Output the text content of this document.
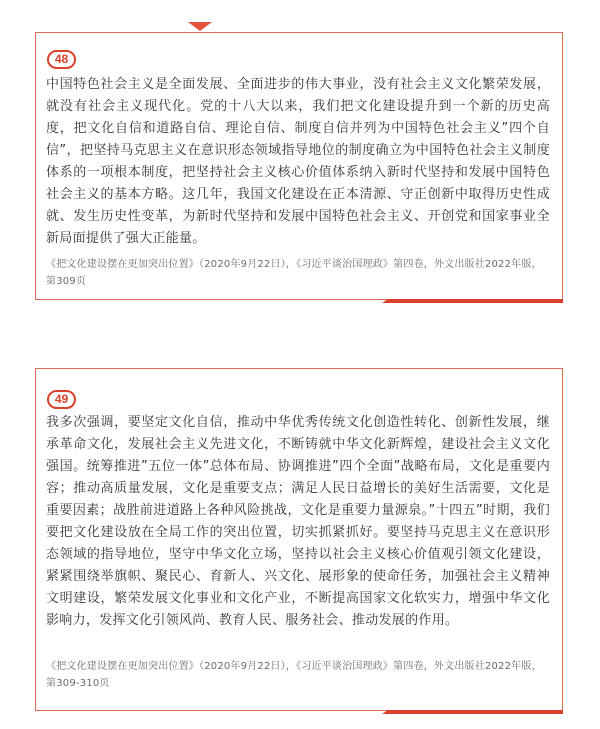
48

中国特色社会主义是全面发展、全面进步的伟大事业，没有社会主义文化繁荣发展，就没有社会主义现代化。党的十八大以来，我们把文化建设提升到一个新的历史高度，把文化自信和道路自信、理论自信、制度自信并列为中国特色社会主义”四个自信”，把坚持马克思主义在意识形态领域指导地位的制度确立为中国特色社会主义制度体系的一项根本制度，把坚持社会主义核心价值体系纳入新时代坚持和发展中国特色社会主义的基本方略。这几年，我国文化建设在正本清源、守正创新中取得历史性成就、发生历史性变革，为新时代坚持和发展中国特色社会主义、开创党和国家事业全新局面提供了强大正能量。

《把文化建设摆在更加突出位置》（2020年9月22日），《习近平谈治国理政》第四卷，外文出版社2022年版，第309页

49

我多次强调，要坚定文化自信，推动中华优秀传统文化创造性转化、创新性发展，继承革命文化，发展社会主义先进文化，不断铸就中华文化新辉煌，建设社会主义文化强国。统筹推进”五位一体”总体布局、协调推进”四个全面”战略布局，文化是重要内容；推动高质量发展，文化是重要支点；满足人民日益增长的美好生活需要，文化是重要因素；战胜前进道路上各种风险挑战，文化是重要力量源泉。”十四五”时期，我们要把文化建设放在全局工作的突出位置，切实抓紧抓好。要坚持马克思主义在意识形态领域的指导地位，坚守中华文化立场，坚持以社会主义核心价值观引领文化建设，紧紧围绕举旗帜、聚民心、育新人、兴文化、展形象的使命任务，加强社会主义精神文明建设，繁荣发展文化事业和文化产业，不断提高国家文化软实力，增强中华文化影响力，发挥文化引领风尚、教育人民、服务社会、推动发展的作用。

《把文化建设摆在更加突出位置》（2020年9月22日），《习近平谈治国理政》第四卷，外文出版社2022年版，第309-310页
